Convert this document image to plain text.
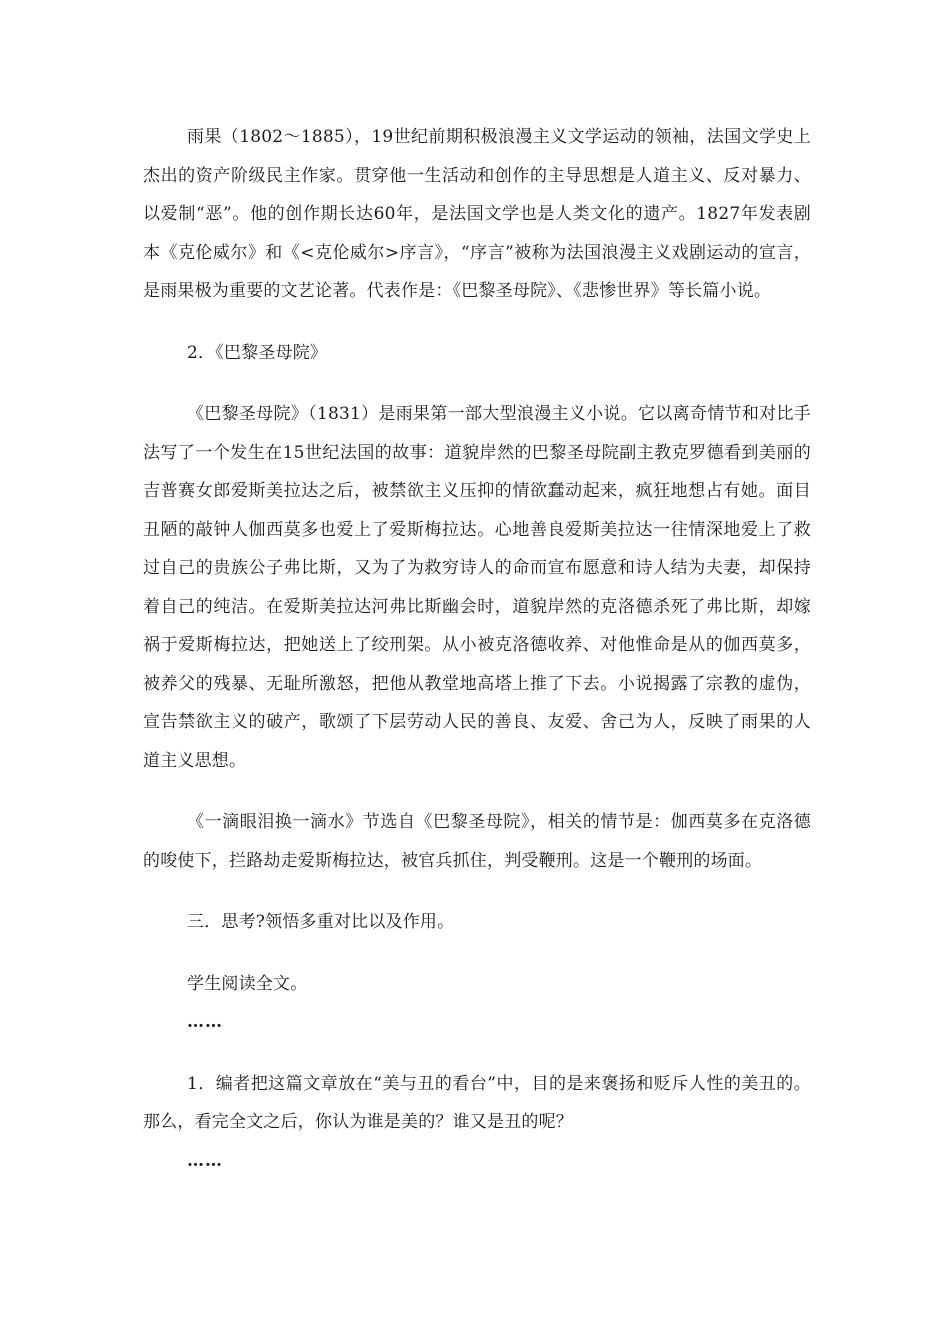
雨果（1802～1885），19世纪前期积极浪漫主义文学运动的领袖，法国文学史上杰出的资产阶级民主作家。贯穿他一生活动和创作的主导思想是人道主义、反对暴力、以爱制“恶”。他的创作期长达60年，是法国文学也是人类文化的遗产。1827年发表剧本《克伦威尔》和《<克伦威尔>序言》，“序言”被称为法国浪漫主义戏剧运动的宣言，是雨果极为重要的文艺论著。代表作是：《巴黎圣母院》、《悲惨世界》等长篇小说。

2．《巴黎圣母院》

《巴黎圣母院》（1831）是雨果第一部大型浪漫主义小说。它以离奇情节和对比手法写了一个发生在15世纪法国的故事：道貌岸然的巴黎圣母院副主教克罗德看到美丽的吉普赛女郎爱斯美拉达之后，被禁欲主义压抑的情欲蠢动起来，疯狂地想占有她。面目丑陋的敲钟人伽西莫多也爱上了爱斯梅拉达。心地善良爱斯美拉达一往情深地爱上了救过自己的贵族公子弗比斯，又为了为救穷诗人的命而宣布愿意和诗人结为夫妻，却保持着自己的纯洁。在爱斯美拉达河弗比斯幽会时，道貌岸然的克洛德杀死了弗比斯，却嫁祸于爱斯梅拉达，把她送上了绞刑架。从小被克洛德收养、对他惟命是从的伽西莫多，被养父的残暴、无耻所激怒，把他从教堂地高塔上推了下去。小说揭露了宗教的虚伪，宣告禁欲主义的破产，歌颂了下层劳动人民的善良、友爱、舍己为人，反映了雨果的人道主义思想。

《一滴眼泪换一滴水》节选自《巴黎圣母院》，相关的情节是：伽西莫多在克洛德的唆使下，拦路劫走爱斯梅拉达，被官兵抓住，判受鞭刑。这是一个鞭刑的场面。

三．思考?领悟多重对比以及作用。

学生阅读全文。

……

1．编者把这篇文章放在“美与丑的看台”中，目的是来褒扬和贬斥人性的美丑的。那么，看完全文之后，你认为谁是美的？谁又是丑的呢？

……
